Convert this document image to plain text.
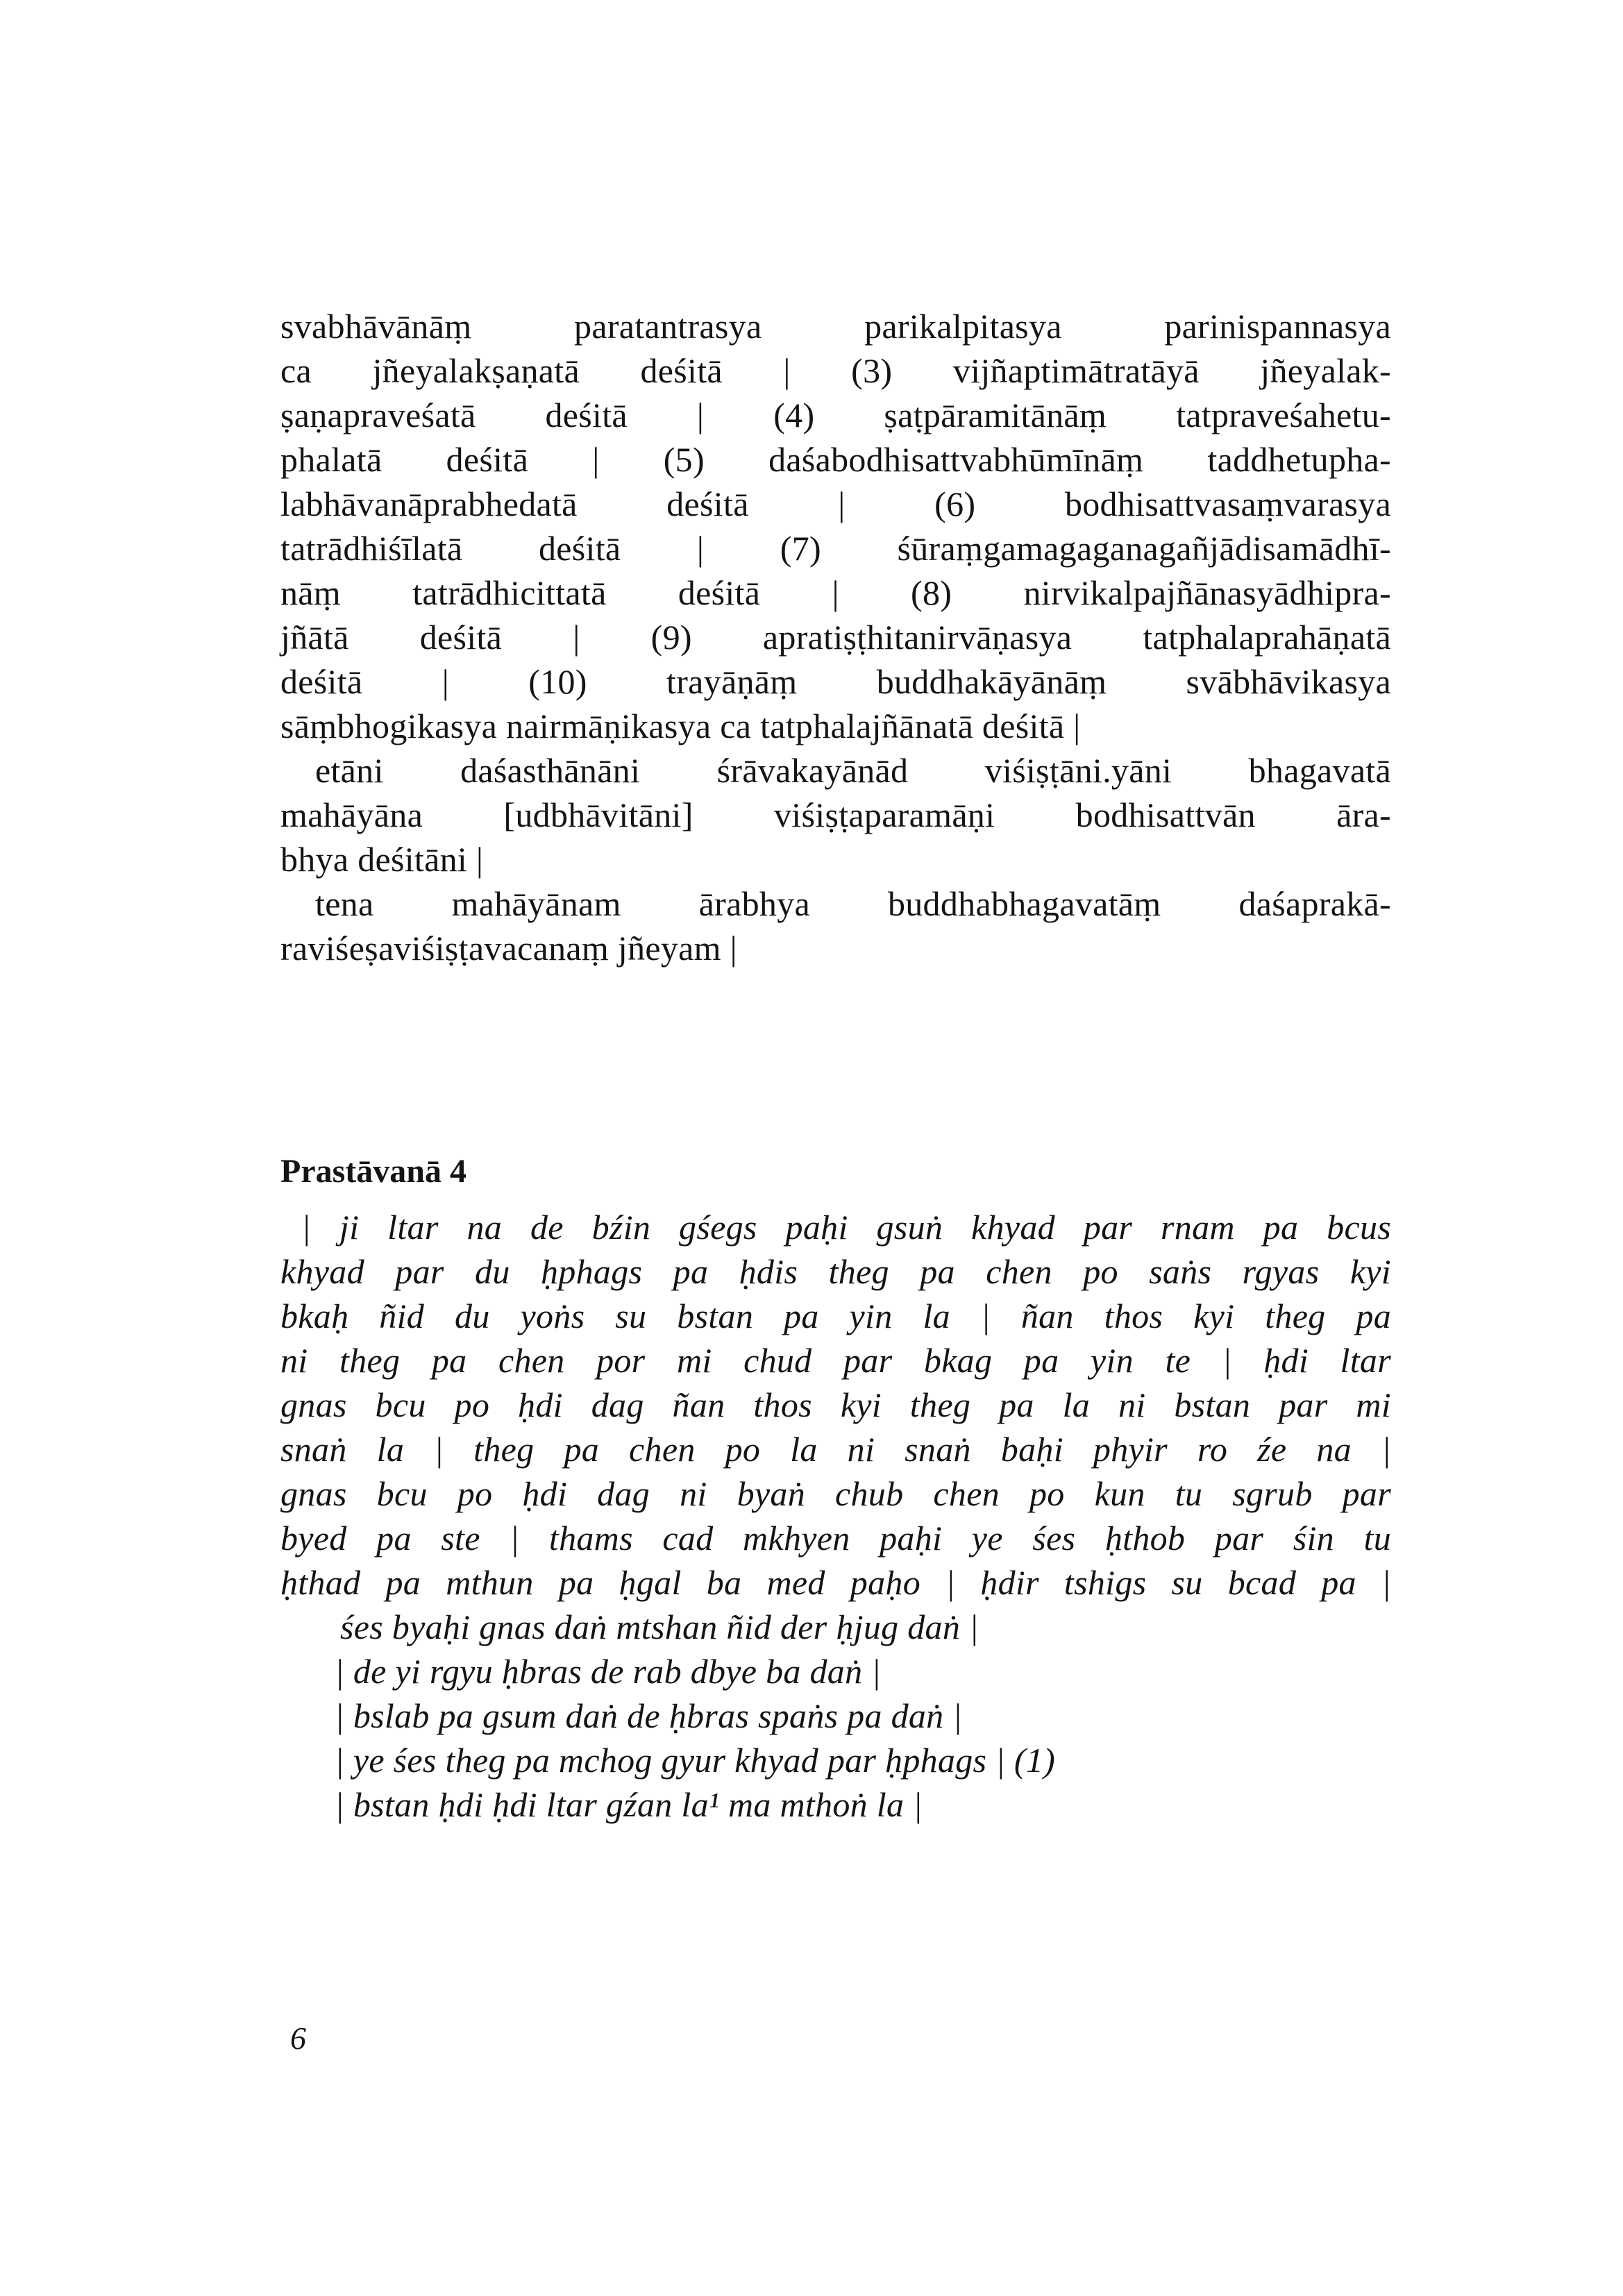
svabhāvānāṃ paratantrasya parikalpitasya parinispannasya
ca jñeyalakṣaṇatā deśitā | (3) vijñaptimātratāyā jñeyalak-
ṣaṇapraveśatā deśitā | (4) ṣaṭpāramitānāṃ tatpraveśahetu-
phalatā deśitā | (5) daśabodhisattvabhūmīnāṃ taddhetupha-
labhāvanāprabhedatā deśitā | (6) bodhisattvasaṃvarasya
tatrādhiśīlatā deśitā | (7) śūraṃgamagaganagañjādisamādhī-
nāṃ tatrādhicittatā deśitā | (8) nirvikalpajñānasyādhipra-
jñātā deśitā | (9) apratiṣṭhitanirvāṇasya tatphalaprahāṇatā
deśitā | (10) trayāṇāṃ buddhakāyānāṃ svābhāvikasya
sāṃbhogikasya nairmāṇikasya ca tatphalajñānatā deśitā |
etāni daśasthānāni śrāvakayānād viśiṣṭāni.yāni bhagavatā
mahāyāna [udbhāvitāni] viśiṣṭaparamāṇi bodhisattvān āra-
bhya deśitāni |
tena mahāyānam ārabhya buddhabhagavatāṃ daśaprakā-
raviśeṣaviśiṣṭavacanaṃ jñeyam |
Prastāvanā 4
| ji ltar na de bźin gśegs paḥi gsuṅ khyad par rnam pa bcus
khyad par du ḥphags pa ḥdis theg pa chen po saṅs rgyas kyi
bkaḥ ñid du yoṅs su bstan pa yin la | ñan thos kyi theg pa
ni theg pa chen por mi chud par bkag pa yin te | ḥdi ltar
gnas bcu po ḥdi dag ñan thos kyi theg pa la ni bstan par mi
snaṅ la | theg pa chen po la ni snaṅ baḥi phyir ro źe na |
gnas bcu po ḥdi dag ni byaṅ chub chen po kun tu sgrub par
byed pa ste | thams cad mkhyen paḥi ye śes ḥthob par śin tu
ḥthad pa mthun pa ḥgal ba med paḥo | ḥdir tshigs su bcad pa |
śes byaḥi gnas daṅ mtshan ñid der ḥjug daṅ |
| de yi rgyu ḥbras de rab dbye ba daṅ |
| bslab pa gsum daṅ de ḥbras spaṅs pa daṅ |
| ye śes theg pa mchog gyur khyad par ḥphags | (1)
| bstan ḥdi ḥdi ltar gźan la¹ ma mthoṅ la |
6
